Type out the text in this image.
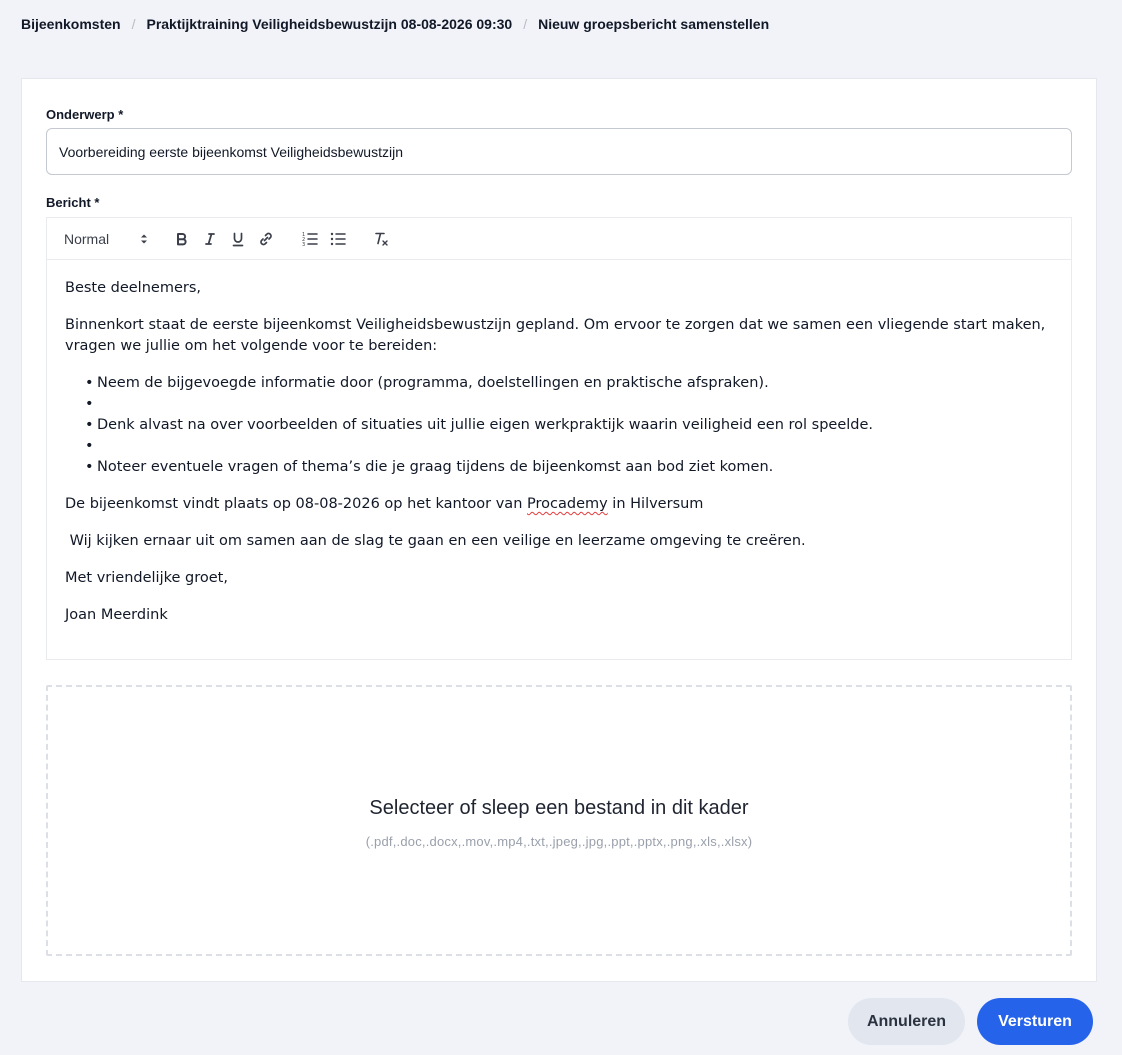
Bijeenkomsten / Praktijktraining Veiligheidsbewustzijn 08-08-2026 09:30 / Nieuw groepsbericht samenstellen
Onderwerp *
Voorbereiding eerste bijeenkomst Veiligheidsbewustzijn
Bericht *
Normal	1
2
3

Beste deelnemers,

Binnenkort staat de eerste bijeenkomst Veiligheidsbewustzijn gepland. Om ervoor te zorgen dat we samen een vliegende start maken, vragen we jullie om het volgende voor te bereiden:

• Neem de bijgevoegde informatie door (programma, doelstellingen en praktische afspraken).
•
• Denk alvast na over voorbeelden of situaties uit jullie eigen werkpraktijk waarin veiligheid een rol speelde.
•
• Noteer eventuele vragen of thema’s die je graag tijdens de bijeenkomst aan bod ziet komen.

De bijeenkomst vindt plaats op 08-08-2026 op het kantoor van Procademy in Hilversum

Wij kijken ernaar uit om samen aan de slag te gaan en een veilige en leerzame omgeving te creëren.

Met vriendelijke groet,

Joan Meerdink

Selecteer of sleep een bestand in dit kader
(.pdf,.doc,.docx,.mov,.mp4,.txt,.jpeg,.jpg,.ppt,.pptx,.png,.xls,.xlsx)
Annuleren	Versturen
